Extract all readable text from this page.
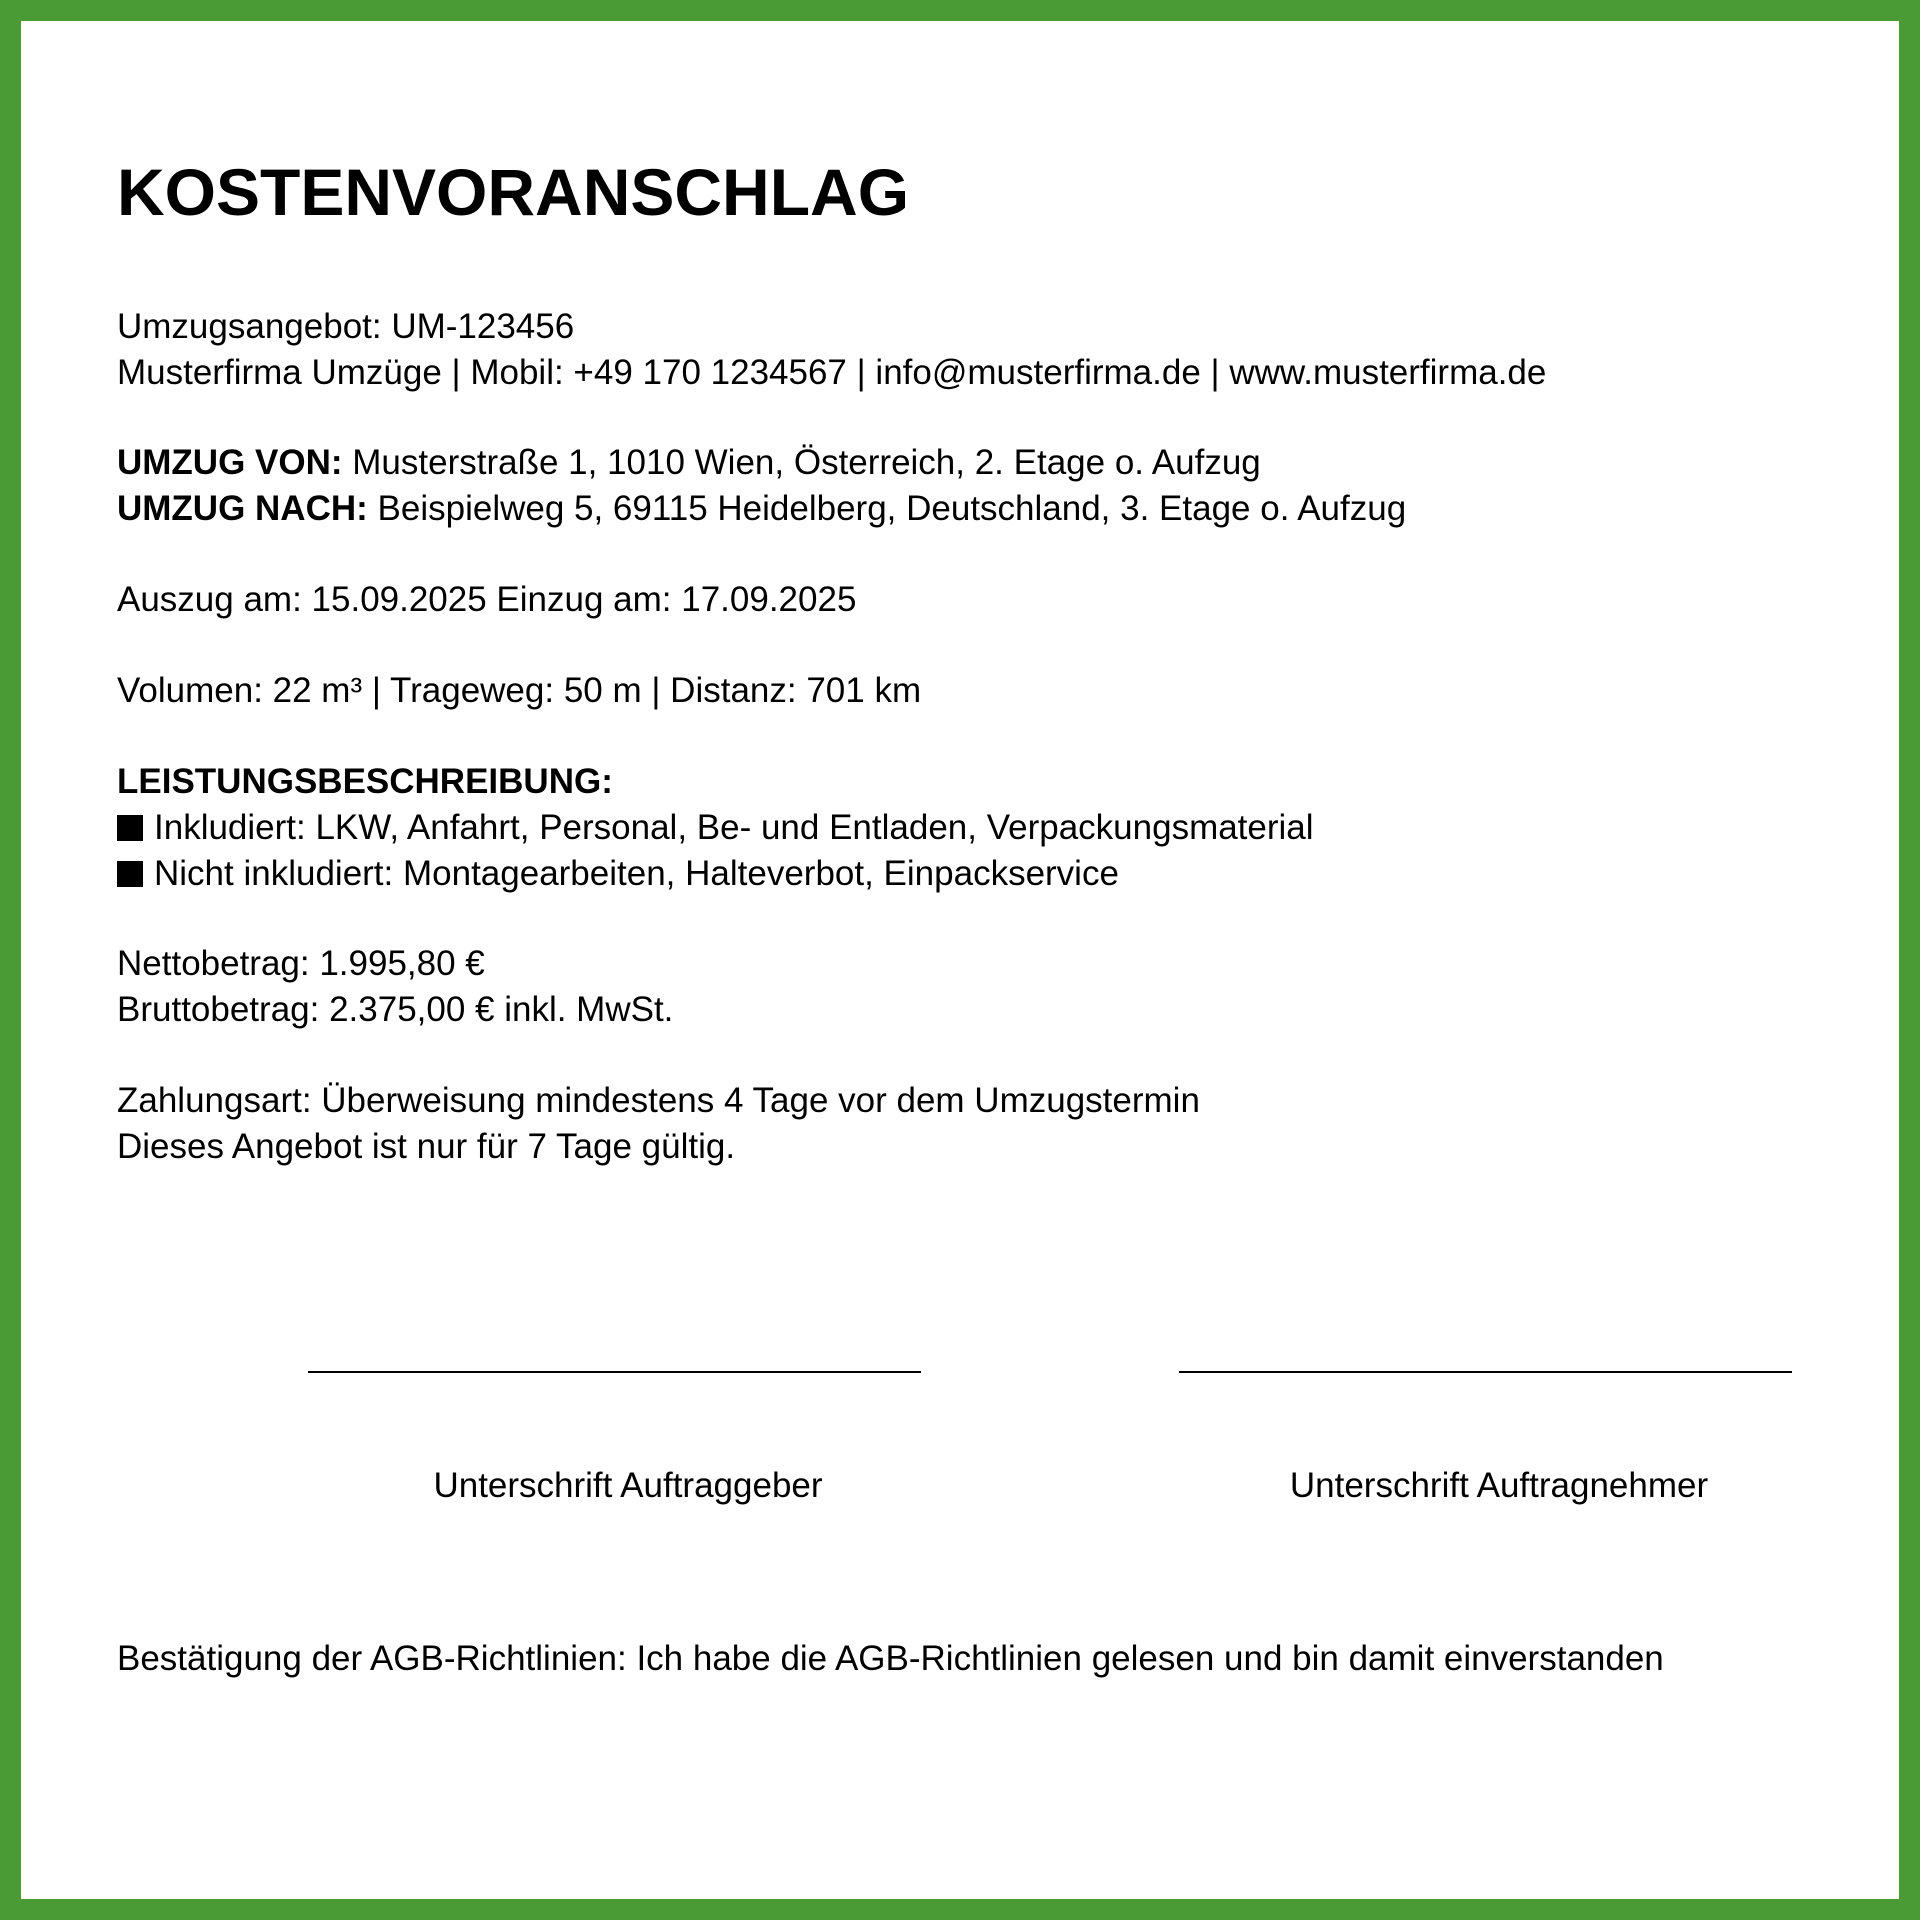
KOSTENVORANSCHLAG

Umzugsangebot: UM-123456

Musterfirma Umzüge | Mobil: +49 170 1234567 | info@musterfirma.de | www.musterfirma.de

UMZUG VON: Musterstraße 1, 1010 Wien, Österreich, 2. Etage o. Aufzug

UMZUG NACH: Beispielweg 5, 69115 Heidelberg, Deutschland, 3. Etage o. Aufzug

Auszug am: 15.09.2025 Einzug am: 17.09.2025

Volumen: 22 m³ | Trageweg: 50 m | Distanz: 701 km

LEISTUNGSBESCHREIBUNG:

Inkludiert: LKW, Anfahrt, Personal, Be- und Entladen, Verpackungsmaterial

Nicht inkludiert: Montagearbeiten, Halteverbot, Einpackservice

Nettobetrag: 1.995,80 €

Bruttobetrag: 2.375,00 € inkl. MwSt.

Zahlungsart: Überweisung mindestens 4 Tage vor dem Umzugstermin

Dieses Angebot ist nur für 7 Tage gültig.

Bestätigung der AGB-Richtlinien: Ich habe die AGB-Richtlinien gelesen und bin damit einverstanden

Unterschrift Auftraggeber	Unterschrift Auftragnehmer
